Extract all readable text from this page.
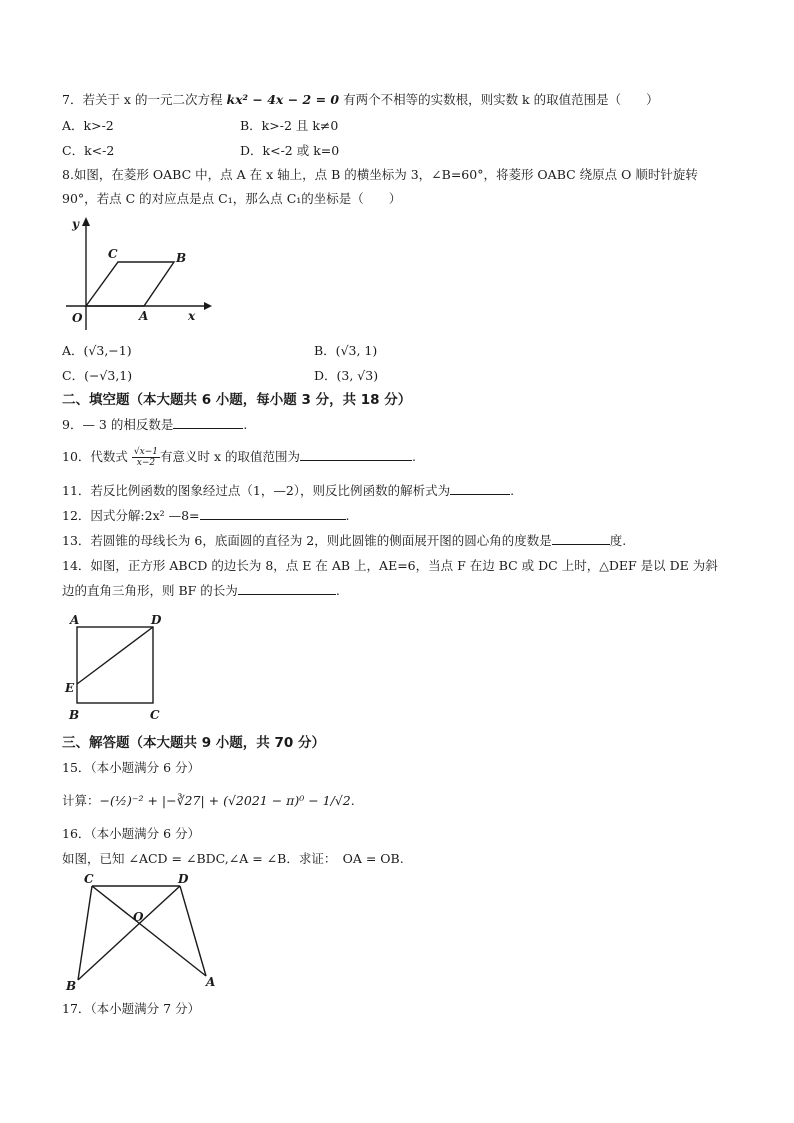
7．若关于 x 的一元二次方程 kx² − 4x − 2 = 0 有两个不相等的实数根，则实数 k 的取值范围是（　　）
A．k>-2	B．k>-2 且 k≠0
C．k<-2	D．k<-2 或 k=0
8.如图，在菱形 OABC 中，点 A 在 x 轴上，点 B 的横坐标为 3，∠B=60°，将菱形 OABC 绕原点 O 顺时针旋转
90°，若点 C 的对应点是点 C₁，那么点 C₁的坐标是（　　）
y
x
O	A
B
C
A．(√3,−1)	B．(√3, 1)
C．(−√3,1)	D．(3, √3)
二、填空题（本大题共 6 小题，每小题 3 分，共 18 分）
9．— 3 的相反数是	.
10．代数式 $\frac{√x-1}{x-2}$ 有意义时 x 的取值范围为	.
11．若反比例函数的图象经过点（1，—2），则反比例函数的解析式为	.
12．因式分解:2x² —8=	.
13．若圆锥的母线长为 6，底面圆的直径为 2，则此圆锥的侧面展开图的圆心角的度数是	度.
14．如图，正方形 ABCD 的边长为 8，点 E 在 AB 上，AE=6，当点 F 在边 BC 或 DC 上时，△DEF 是以 DE 为斜
边的直角三角形，则 BF 的长为	.
A	D
E
B	C
三、解答题（本大题共 9 小题，共 70 分）
15．（本小题满分 6 分）
计算：−(½)⁻² + |−∛27| + (√2021 − π)⁰ − 1/√2.
16．（本小题满分 6 分）
如图，已知 ∠ACD = ∠BDC,∠A = ∠B．求证：　OA = OB.
C	D
O
B	A
17．（本小题满分 7 分）
